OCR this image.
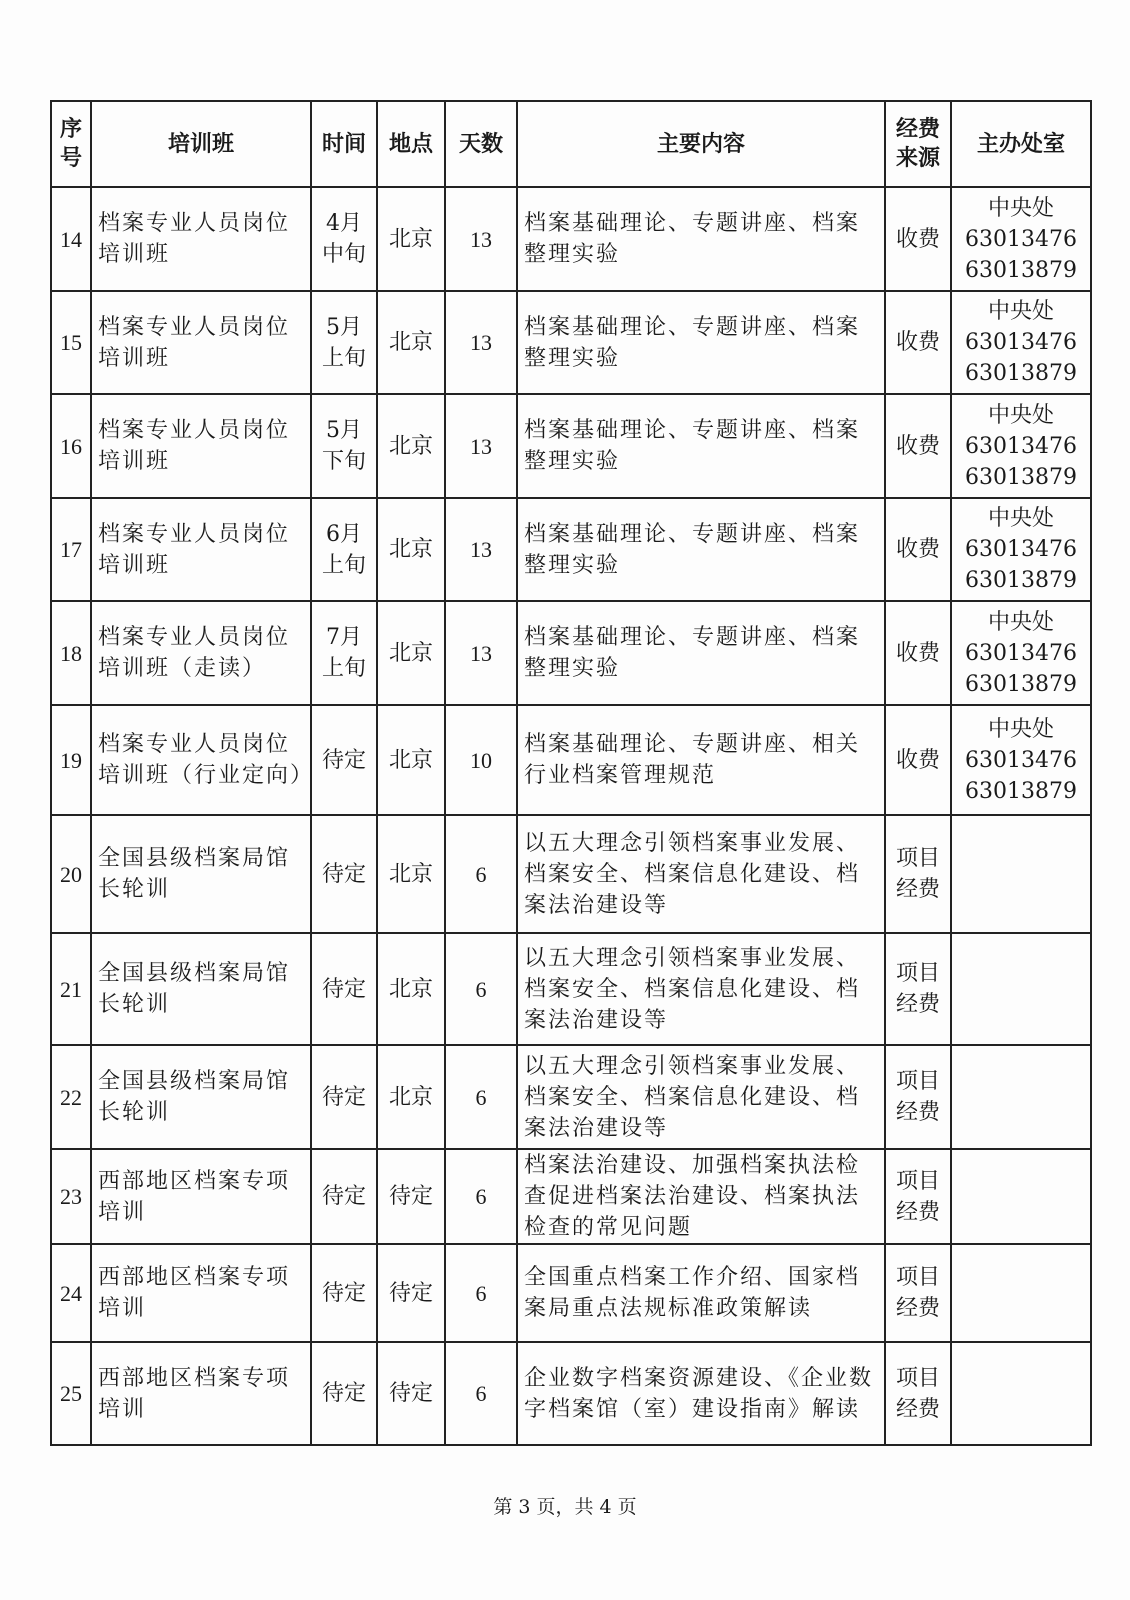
序号	培训班	时间	地点	天数	主要内容	经费来源	主办处室
14	档案专业人员岗位培训班	4月中旬	北京	13	档案基础理论、专题讲座、档案整理实验	收费	中央处
63013476
63013879

15	档案专业人员岗位培训班	5月上旬	北京	13	档案基础理论、专题讲座、档案整理实验	收费	中央处
63013476
63013879

16	档案专业人员岗位培训班	5月下旬	北京	13	档案基础理论、专题讲座、档案整理实验	收费	中央处
63013476
63013879

17	档案专业人员岗位培训班	6月上旬	北京	13	档案基础理论、专题讲座、档案整理实验	收费	中央处
63013476
63013879

18	档案专业人员岗位培训班（走读）	7月上旬	北京	13	档案基础理论、专题讲座、档案整理实验	收费	中央处
63013476
63013879

19	档案专业人员岗位培训班（行业定向）	待定	北京	10	档案基础理论、专题讲座、相关行业档案管理规范	收费	中央处
63013476
63013879

20	全国县级档案局馆长轮训	待定	北京	6	以五大理念引领档案事业发展、档案安全、档案信息化建设、档案法治建设等	项目经费	
21	全国县级档案局馆长轮训	待定	北京	6	以五大理念引领档案事业发展、档案安全、档案信息化建设、档案法治建设等	项目经费	
22	全国县级档案局馆长轮训	待定	北京	6	以五大理念引领档案事业发展、档案安全、档案信息化建设、档案法治建设等	项目经费	
23	西部地区档案专项培训	待定	待定	6	档案法治建设、加强档案执法检查促进档案法治建设、档案执法检查的常见问题	项目经费	
24	西部地区档案专项培训	待定	待定	6	全国重点档案工作介绍、国家档案局重点法规标准政策解读	项目经费	
25	西部地区档案专项培训	待定	待定	6	企业数字档案资源建设、《企业数字档案馆（室）建设指南》解读	项目经费	
第 3 页，共 4 页
